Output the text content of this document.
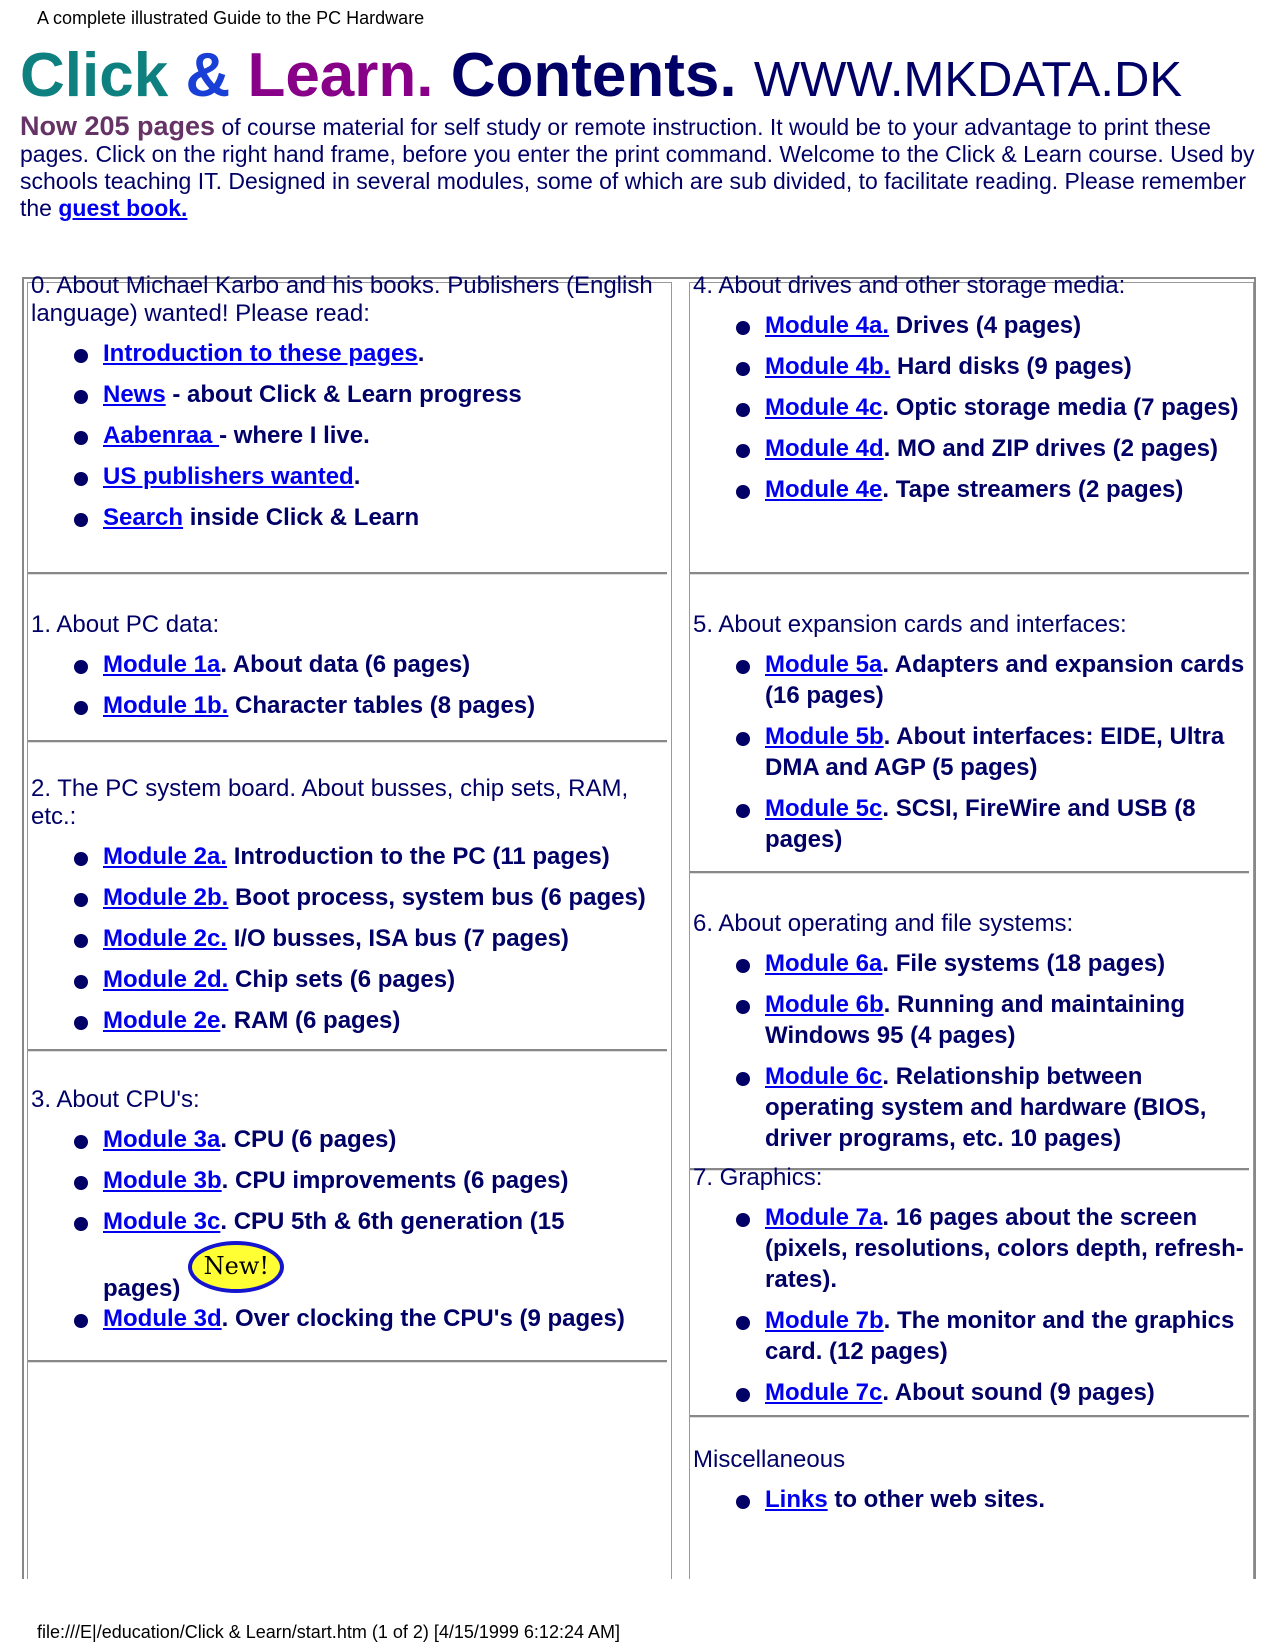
A complete illustrated Guide to the PC Hardware
Click & Learn. Contents. WWW.MKDATA.DK
Now 205 pages of course material for self study or remote instruction. It would be to your advantage to print these pages. Click on the right hand frame, before you enter the print command. Welcome to the Click & Learn course. Used by schools teaching IT. Designed in several modules, some of which are sub divided, to facilitate reading. Please remember the guest book.

0. About Michael Karbo and his books. Publishers (English language) wanted! Please read:

Introduction to these pages.
News - about Click & Learn progress
Aabenraa - where I live.
US publishers wanted.
Search inside Click & Learn

1. About PC data:

Module 1a. About data (6 pages)
Module 1b. Character tables (8 pages)

2. The PC system board. About busses, chip sets, RAM, etc.:

Module 2a. Introduction to the PC (11 pages)
Module 2b. Boot process, system bus (6 pages)
Module 2c. I/O busses, ISA bus (7 pages)
Module 2d. Chip sets (6 pages)
Module 2e. RAM (6 pages)

3. About CPU's:

Module 3a. CPU (6 pages)
Module 3b. CPU improvements (6 pages)
Module 3c. CPU 5th & 6th generation (15
pages)New!
Module 3d. Over clocking the CPU's (9 pages)

4. About drives and other storage media:

Module 4a. Drives (4 pages)
Module 4b. Hard disks (9 pages)
Module 4c. Optic storage media (7 pages)
Module 4d. MO and ZIP drives (2 pages)
Module 4e. Tape streamers (2 pages)

5. About expansion cards and interfaces:

Module 5a. Adapters and expansion cards (16 pages)
Module 5b. About interfaces: EIDE, Ultra DMA and AGP (5 pages)
Module 5c. SCSI, FireWire and USB (8 pages)

6. About operating and file systems:

Module 6a. File systems (18 pages)
Module 6b. Running and maintaining Windows 95 (4 pages)
Module 6c. Relationship between operating system and hardware (BIOS, driver programs, etc. 10 pages)

7. Graphics:

Module 7a. 16 pages about the screen (pixels, resolutions, colors depth, refresh-rates).
Module 7b. The monitor and the graphics card. (12 pages)
Module 7c. About sound (9 pages)

Miscellaneous

Links to other web sites.
file:///E|/education/Click & Learn/start.htm (1 of 2) [4/15/1999 6:12:24 AM]
